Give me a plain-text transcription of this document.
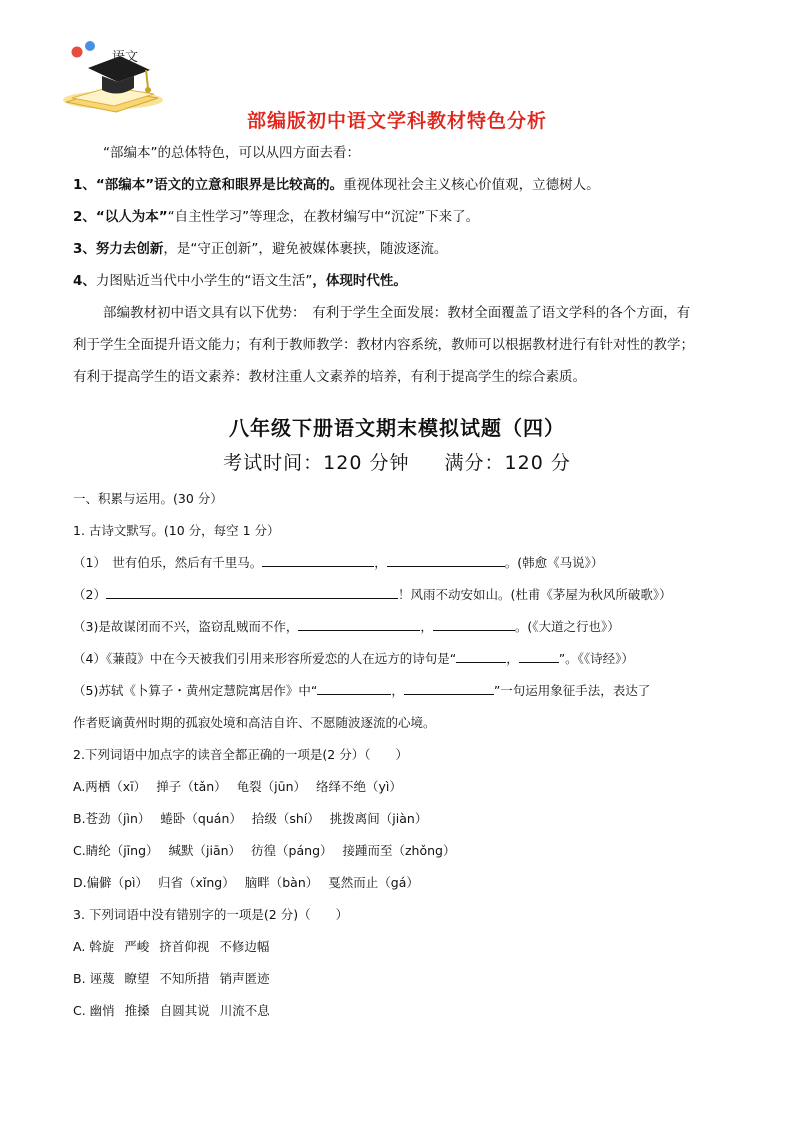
语文
部编版初中语文学科教材特色分析
“部编本”的总体特色，可以从四方面去看：
1、“部编本”语文的立意和眼界是比较高的。重视体现社会主义核心价值观，立德树人。
2、“以人为本”“自主性学习”等理念，在教材编写中“沉淀”下来了。
3、努力去创新，是“守正创新”，避免被媒体裹挟，随波逐流。
4、力图贴近当代中小学生的“语文生活”，体现时代性。
部编教材初中语文具有以下优势：　有利于学生全面发展：教材全面覆盖了语文学科的各个方面，有
利于学生全面提升语文能力；有利于教师教学：教材内容系统，教师可以根据教材进行有针对性的教学；
有利于提高学生的语文素养：教材注重人文素养的培养，有利于提高学生的综合素质。
八年级下册语文期末模拟试题（四）
考试时间：120 分钟 满分：120 分
一、积累与运用。(30 分）
1. 古诗文默写。(10 分，每空 1 分）
（1）　世有伯乐，然后有千里马。	，	。(韩愈《马说》）
（2）	！风雨不动安如山。(杜甫《茅屋为秋风所破歌》）
（3)是故谋闭而不兴，盗窃乱贼而不作，	，	。(《大道之行也》）
（4）《蒹葭》中在今天被我们引用来形容所爱恋的人在远方的诗句是“	，	”。《《诗经》）
（5)苏轼《卜算子・黄州定慧院寓居作》中“	，	”一句运用象征手法，表达了
作者贬谪黄州时期的孤寂处境和高洁自许、不愿随波逐流的心境。
2.下列词语中加点字的读音全都正确的一项是(2 分）（　　）
A.两栖（xī） 掸子（tǎn） 龟裂（jūn） 络绎不绝（yì）
B.苍劲（jìn） 蜷卧（quán） 拾级（shí） 挑拨离间（jiàn）
C.睛纶（jīng） 缄默（jiān） 彷徨（páng） 接踵而至（zhǒng）
D.偏僻（pì） 归省（xǐng） 脑畔（bàn） 戛然而止（gá）
3. 下列词语中没有错别字的一项是(2 分)（　　）
A. 斡旋 严峻 挤首仰视 不修边幅
B. 诬蔑 瞭望 不知所措 销声匿迹
C. 幽悄 推搡 自圆其说 川流不息
